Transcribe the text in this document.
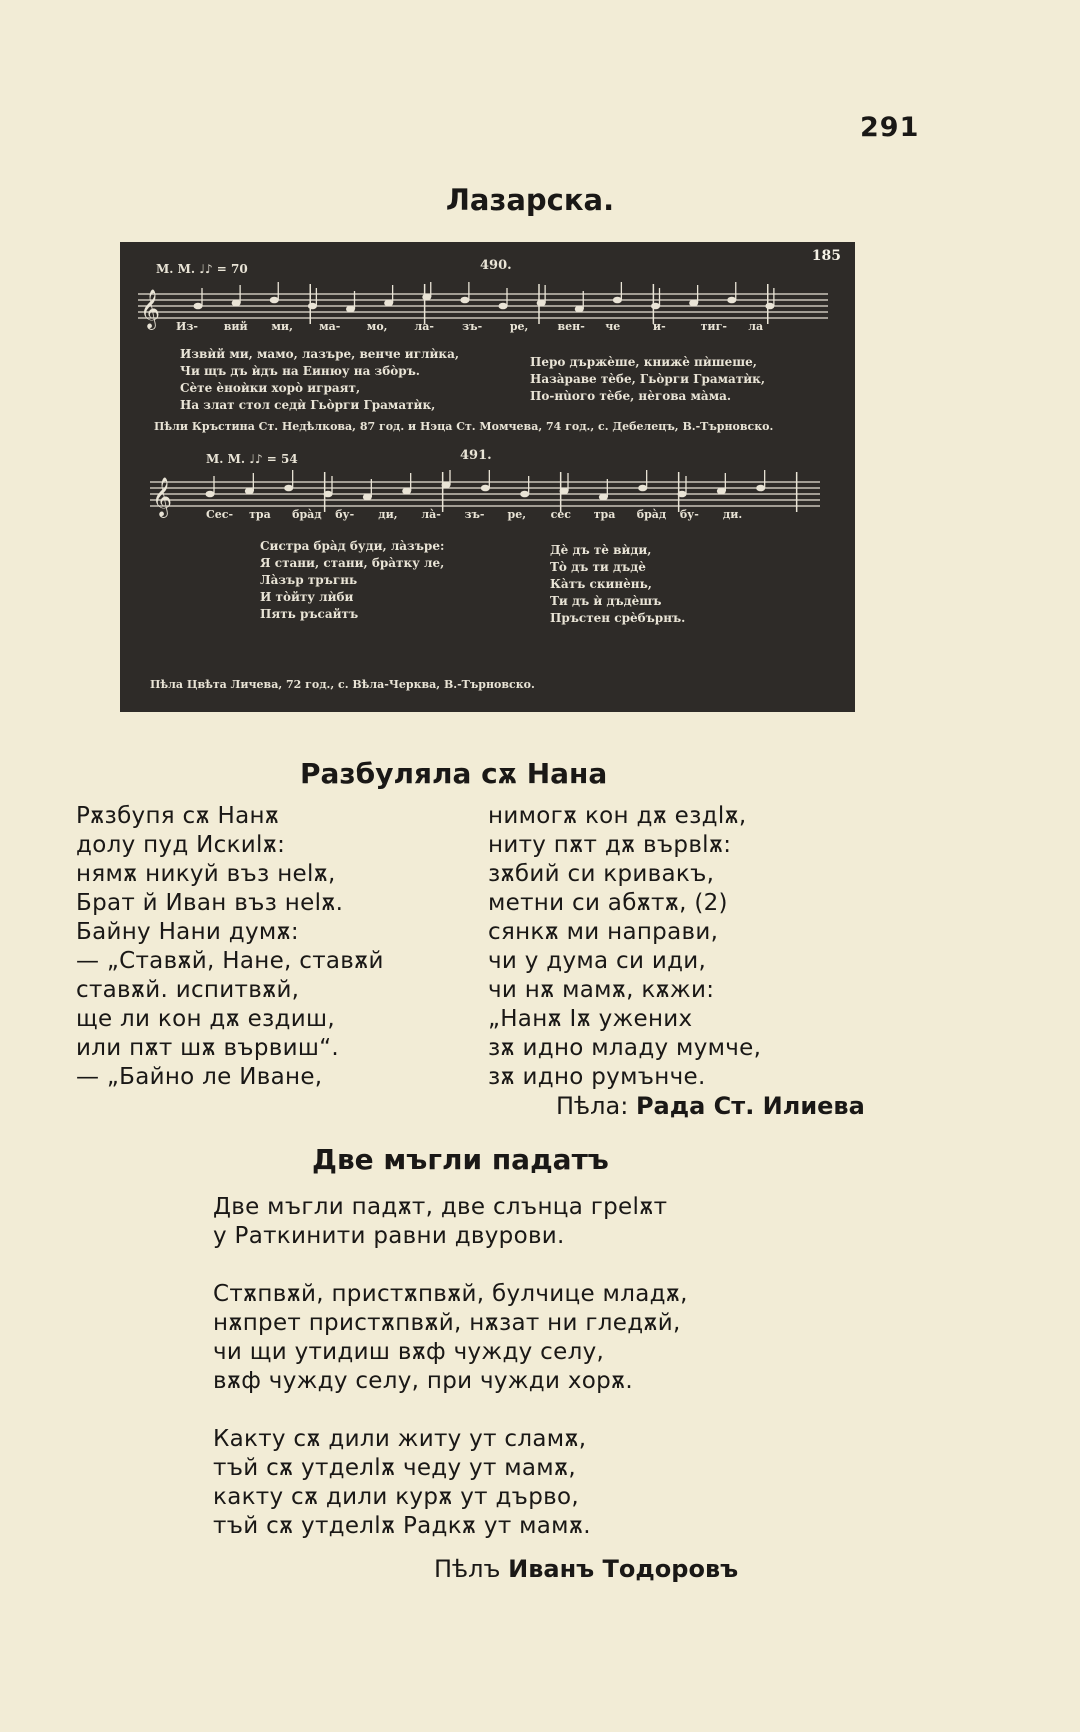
291
Лазарска.
185
M. M. ♩♪ = 70	490.
𝄞 Из- вий ми, ма- мо, ла-	зъ-	ре,	вен- че	и-	тиг- ла
Извѝй ми, мамо, лазъре, венче иглѝка,
Чи щъ дъ ѝдъ на Еинюу на збòръ.
Сèте èноѝки хорò играят,
На злат стол седѝ Гьòрги Граматѝк,
Перо държèше, книжè пѝшеше,
Назàраве тèбе, Гьòрги Граматѝк,
По-нùого тèбе, нèгова мàма.
Пѣли Кръстина Ст. Недѣлкова, 87 год. и Нэца Ст. Момчева, 74 год., с. Дебелецъ, В.-Търновско.
M. M. ♩♪ = 54	491.
𝄞	Сес- тра брàд бу- ди, лà- зъ- ре, сес тра брàд бу- ди.
Систра брàд буди, лàзъре:
Я стани, стани, брàтку ле,
Лàзър тръгнь
И тòйту лѝби
Пять ръсайтъ
Дè дъ тè вѝди,
Тò дъ ти дъдè
Кàтъ скинèнь,
Ти дъ ѝ дъдèшъ
Пръстен срèбърнъ.
Пѣла Цвѣта Личева, 72 год., с. Вѣла-Черква, В.-Търновско.
Разбуляла сѫ Нана
Рѫзбупя сѫ Нанѫ
долу пуд Искиӏѫ:
нямѫ никуй въз неӏѫ,
Брат й Иван въз неӏѫ.
Байну Нани думѫ:
— „Ставѫй, Нане, ставѫй
ставѫй. испитвѫй,
ще ли кон дѫ ездиш,
или пѫт шѫ вървиш“.
— „Байно ле Иване,
нимогѫ кон дѫ ездӏѫ,
ниту пѫт дѫ вървӏѫ:
зѫбий си кривакъ,
метни си абѫтѫ, (2)
сянкѫ ми направи,
чи у дума си иди,
чи нѫ мамѫ, кѫжи:
„Нанѫ Іѫ ужених
зѫ идно младу мумче,
зѫ идно румънче.
Пѣла: Рада Ст. Илиева
Две мъгли падатъ
Две мъгли падѫт, две слънца греӏѫт
у Раткинити равни двурови.
Стѫпвѫй, пристѫпвѫй, булчице младѫ,
нѫпрет пристѫпвѫй, нѫзат ни гледѫй,
чи щи утидиш вѫф чужду селу,
вѫф чужду селу, при чужди хорѫ.
Какту сѫ дили житу ут сламѫ,
тъй сѫ утделӏѫ чеду ут мамѫ,
какту сѫ дили курѫ ут дърво,
тъй сѫ утделӏѫ Радкѫ ут мамѫ.
Пѣлъ Иванъ Тодоровъ
